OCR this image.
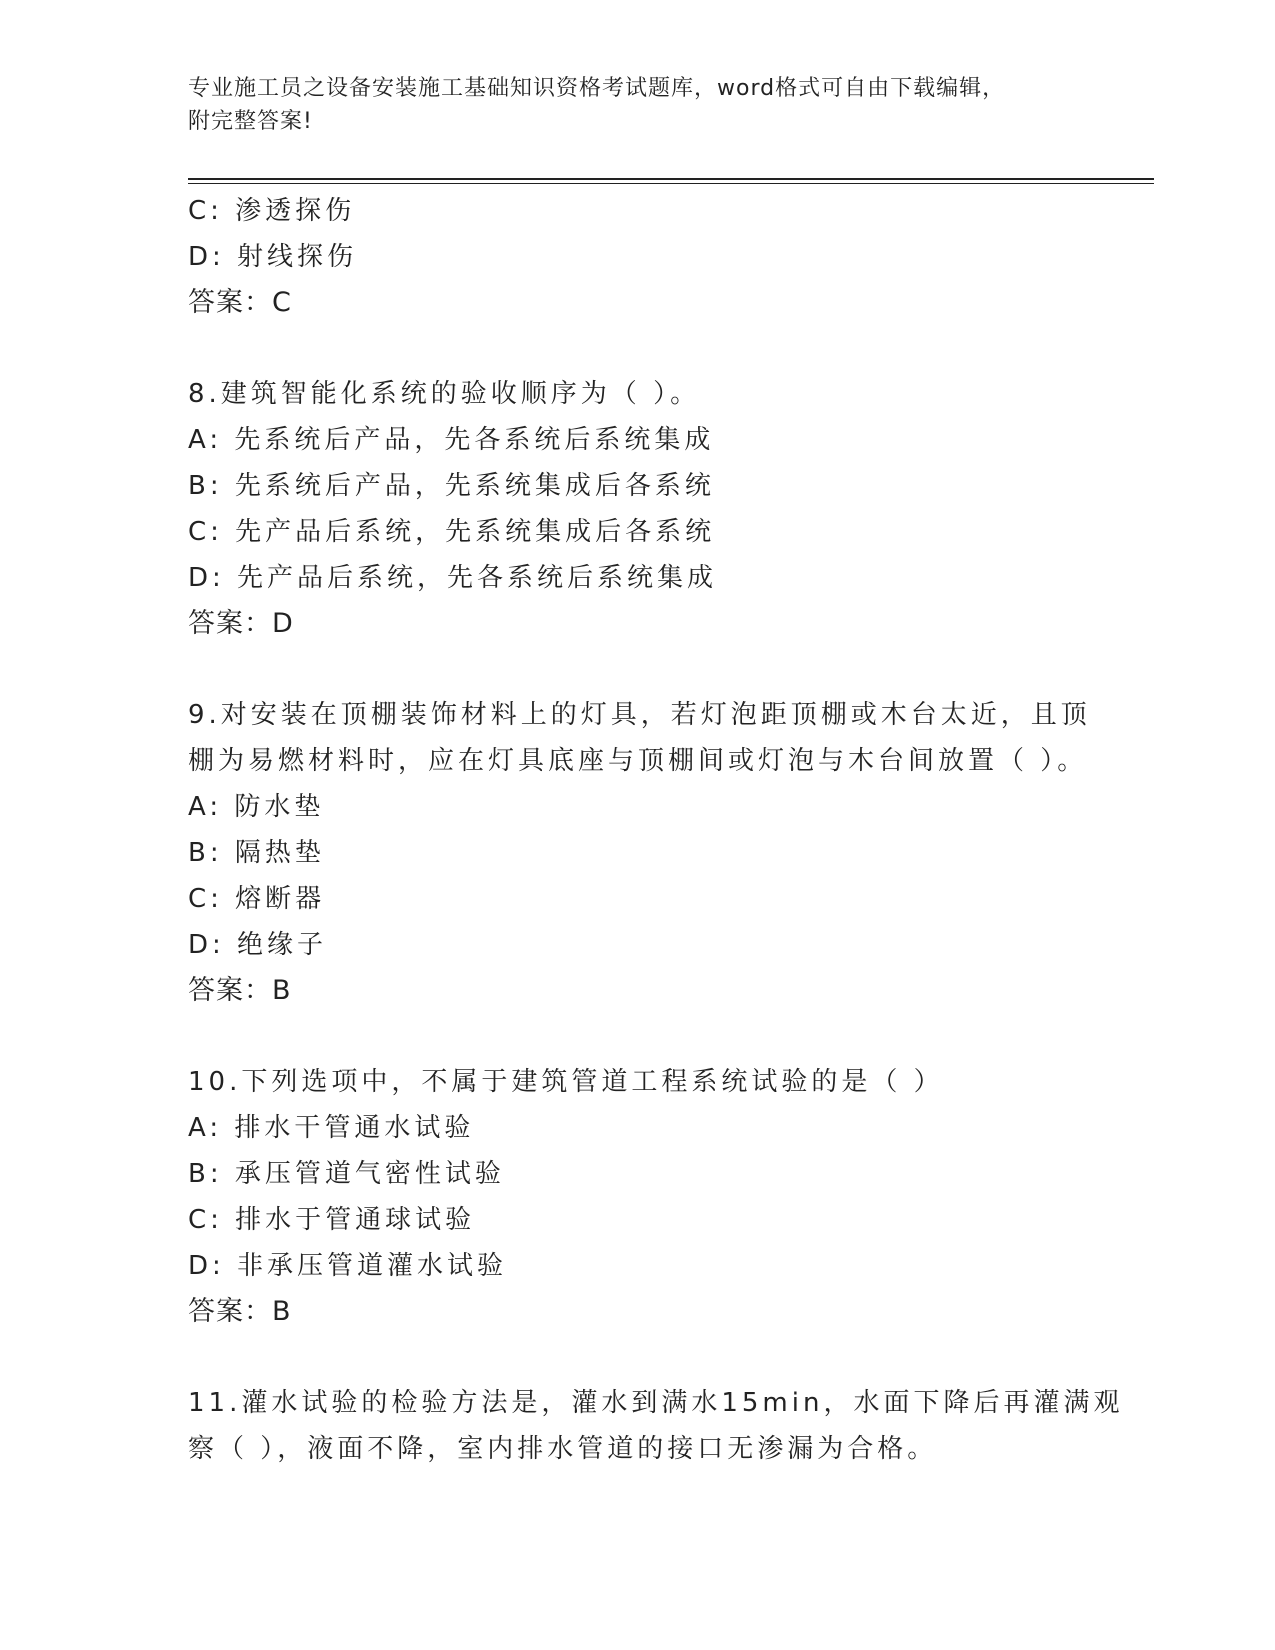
专业施工员之设备安装施工基础知识资格考试题库，word格式可自由下载编辑，
附完整答案!
C: 渗透探伤
D: 射线探伤
答案：C
8.建筑智能化系统的验收顺序为（ ）。
A: 先系统后产品，先各系统后系统集成
B: 先系统后产品，先系统集成后各系统
C: 先产品后系统，先系统集成后各系统
D: 先产品后系统，先各系统后系统集成
答案：D
9.对安装在顶棚装饰材料上的灯具，若灯泡距顶棚或木台太近，且顶
棚为易燃材料时，应在灯具底座与顶棚间或灯泡与木台间放置（ ）。
A: 防水垫
B: 隔热垫
C: 熔断器
D: 绝缘子
答案：B
10.下列选项中，不属于建筑管道工程系统试验的是（ ）
A: 排水干管通水试验
B: 承压管道气密性试验
C: 排水于管通球试验
D: 非承压管道灌水试验
答案：B
11.灌水试验的检验方法是，灌水到满水15min，水面下降后再灌满观
察（ ），液面不降，室内排水管道的接口无渗漏为合格。
